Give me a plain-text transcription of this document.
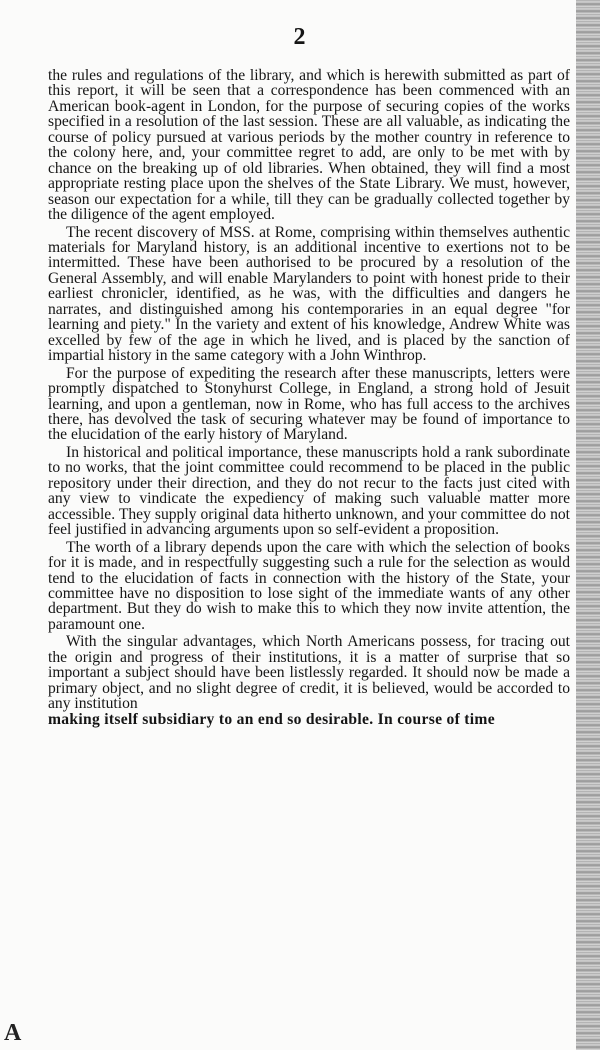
2

the rules and regulations of the library, and which is herewith submitted as part of this report, it will be seen that a correspondence has been commenced with an American book-agent in London, for the purpose of securing copies of the works specified in a resolution of the last session. These are all valuable, as indicating the course of policy pursued at various periods by the mother country in reference to the colony here, and, your committee regret to add, are only to be met with by chance on the breaking up of old libraries. When obtained, they will find a most appropriate resting place upon the shelves of the State Library. We must, however, season our expectation for a while, till they can be gradually collected together by the diligence of the agent employed.

The recent discovery of MSS. at Rome, comprising within themselves authentic materials for Maryland history, is an additional incentive to exertions not to be intermitted. These have been authorised to be procured by a resolution of the General Assembly, and will enable Marylanders to point with honest pride to their earliest chronicler, identified, as he was, with the difficulties and dangers he narrates, and distinguished among his contemporaries in an equal degree "for learning and piety." In the variety and extent of his knowledge, Andrew White was excelled by few of the age in which he lived, and is placed by the sanction of impartial history in the same category with a John Winthrop.

For the purpose of expediting the research after these manuscripts, letters were promptly dispatched to Stonyhurst College, in England, a strong hold of Jesuit learning, and upon a gentleman, now in Rome, who has full access to the archives there, has devolved the task of securing whatever may be found of importance to the elucidation of the early history of Maryland.

In historical and political importance, these manuscripts hold a rank subordinate to no works, that the joint committee could recommend to be placed in the public repository under their direction, and they do not recur to the facts just cited with any view to vindicate the expediency of making such valuable matter more accessible. They supply original data hitherto unknown, and your committee do not feel justified in advancing arguments upon so self-evident a proposition.

The worth of a library depends upon the care with which the selection of books for it is made, and in respectfully suggesting such a rule for the selection as would tend to the elucidation of facts in connection with the history of the State, your committee have no disposition to lose sight of the immediate wants of any other department. But they do wish to make this to which they now invite attention, the paramount one.

With the singular advantages, which North Americans possess, for tracing out the origin and progress of their institutions, it is a matter of surprise that so important a subject should have been listlessly regarded. It should now be made a primary object, and no slight degree of credit, it is believed, would be accorded to any institution

making itself subsidiary to an end so desirable. In course of time
A
